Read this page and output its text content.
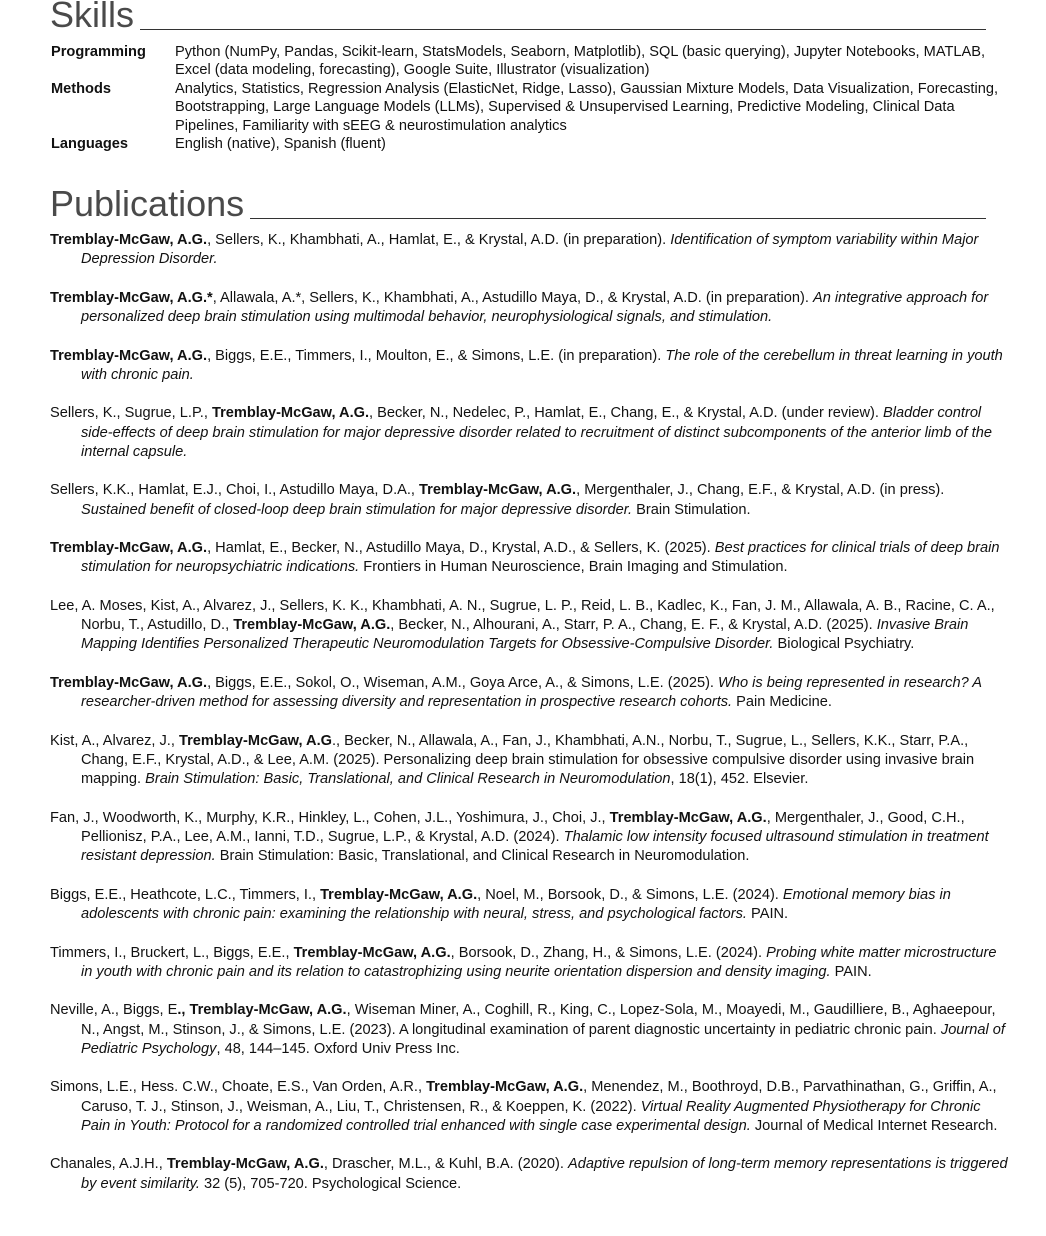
Skills
Programming	Python (NumPy, Pandas, Scikit-learn, StatsModels, Seaborn, Matplotlib), SQL (basic querying), Jupyter Notebooks, MATLAB, Excel (data modeling, forecasting), Google Suite, Illustrator (visualization)
Methods	Analytics, Statistics, Regression Analysis (ElasticNet, Ridge, Lasso), Gaussian Mixture Models, Data Visualization, Forecasting, Bootstrapping, Large Language Models (LLMs), Supervised & Unsupervised Learning, Predictive Modeling, Clinical Data Pipelines, Familiarity with sEEG & neurostimulation analytics
Languages	English (native), Spanish (fluent)
Publications

Tremblay-McGaw, A.G., Sellers, K., Khambhati, A., Hamlat, E., & Krystal, A.D. (in preparation). Identification of symptom variability within Major Depression Disorder.

Tremblay-McGaw, A.G.*, Allawala, A.*, Sellers, K., Khambhati, A., Astudillo Maya, D., & Krystal, A.D. (in preparation). An integrative approach for personalized deep brain stimulation using multimodal behavior, neurophysiological signals, and stimulation.

Tremblay-McGaw, A.G., Biggs, E.E., Timmers, I., Moulton, E., & Simons, L.E. (in preparation). The role of the cerebellum in threat learning in youth with chronic pain.

Sellers, K., Sugrue, L.P., Tremblay-McGaw, A.G., Becker, N., Nedelec, P., Hamlat, E., Chang, E., & Krystal, A.D. (under review). Bladder control side-effects of deep brain stimulation for major depressive disorder related to recruitment of distinct subcomponents of the anterior limb of the internal capsule.

Sellers, K.K., Hamlat, E.J., Choi, I., Astudillo Maya, D.A., Tremblay-McGaw, A.G., Mergenthaler, J., Chang, E.F., & Krystal, A.D. (in press). Sustained benefit of closed-loop deep brain stimulation for major depressive disorder. Brain Stimulation.

Tremblay-McGaw, A.G., Hamlat, E., Becker, N., Astudillo Maya, D., Krystal, A.D., & Sellers, K. (2025). Best practices for clinical trials of deep brain stimulation for neuropsychiatric indications. Frontiers in Human Neuroscience, Brain Imaging and Stimulation.

Lee, A. Moses, Kist, A., Alvarez, J., Sellers, K. K., Khambhati, A. N., Sugrue, L. P., Reid, L. B., Kadlec, K., Fan, J. M., Allawala, A. B., Racine, C. A., Norbu, T., Astudillo, D., Tremblay-McGaw, A.G., Becker, N., Alhourani, A., Starr, P. A., Chang, E. F., & Krystal, A.D. (2025). Invasive Brain Mapping Identifies Personalized Therapeutic Neuromodulation Targets for Obsessive-Compulsive Disorder. Biological Psychiatry.

Tremblay-McGaw, A.G., Biggs, E.E., Sokol, O., Wiseman, A.M., Goya Arce, A., & Simons, L.E. (2025). Who is being represented in research? A researcher-driven method for assessing diversity and representation in prospective research cohorts. Pain Medicine.

Kist, A., Alvarez, J., Tremblay-McGaw, A.G., Becker, N., Allawala, A., Fan, J., Khambhati, A.N., Norbu, T., Sugrue, L., Sellers, K.K., Starr, P.A., Chang, E.F., Krystal, A.D., & Lee, A.M. (2025). Personalizing deep brain stimulation for obsessive compulsive disorder using invasive brain mapping. Brain Stimulation: Basic, Translational, and Clinical Research in Neuromodulation, 18(1), 452. Elsevier.

Fan, J., Woodworth, K., Murphy, K.R., Hinkley, L., Cohen, J.L., Yoshimura, J., Choi, J., Tremblay-McGaw, A.G., Mergenthaler, J., Good, C.H., Pellionisz, P.A., Lee, A.M., Ianni, T.D., Sugrue, L.P., & Krystal, A.D. (2024). Thalamic low intensity focused ultrasound stimulation in treatment resistant depression. Brain Stimulation: Basic, Translational, and Clinical Research in Neuromodulation.

Biggs, E.E., Heathcote, L.C., Timmers, I., Tremblay-McGaw, A.G., Noel, M., Borsook, D., & Simons, L.E. (2024). Emotional memory bias in adolescents with chronic pain: examining the relationship with neural, stress, and psychological factors. PAIN.

Timmers, I., Bruckert, L., Biggs, E.E., Tremblay-McGaw, A.G., Borsook, D., Zhang, H., & Simons, L.E. (2024). Probing white matter microstructure in youth with chronic pain and its relation to catastrophizing using neurite orientation dispersion and density imaging. PAIN.

Neville, A., Biggs, E., Tremblay-McGaw, A.G., Wiseman Miner, A., Coghill, R., King, C., Lopez-Sola, M., Moayedi, M., Gaudilliere, B., Aghaeepour, N., Angst, M., Stinson, J., & Simons, L.E. (2023). A longitudinal examination of parent diagnostic uncertainty in pediatric chronic pain. Journal of Pediatric Psychology, 48, 144–145. Oxford Univ Press Inc.

Simons, L.E., Hess. C.W., Choate, E.S., Van Orden, A.R., Tremblay-McGaw, A.G., Menendez, M., Boothroyd, D.B., Parvathinathan, G., Griffin, A., Caruso, T. J., Stinson, J., Weisman, A., Liu, T., Christensen, R., & Koeppen, K. (2022). Virtual Reality Augmented Physiotherapy for Chronic Pain in Youth: Protocol for a randomized controlled trial enhanced with single case experimental design. Journal of Medical Internet Research.

Chanales, A.J.H., Tremblay-McGaw, A.G., Drascher, M.L., & Kuhl, B.A. (2020). Adaptive repulsion of long-term memory representations is triggered by event similarity. 32 (5), 705-720. Psychological Science.
